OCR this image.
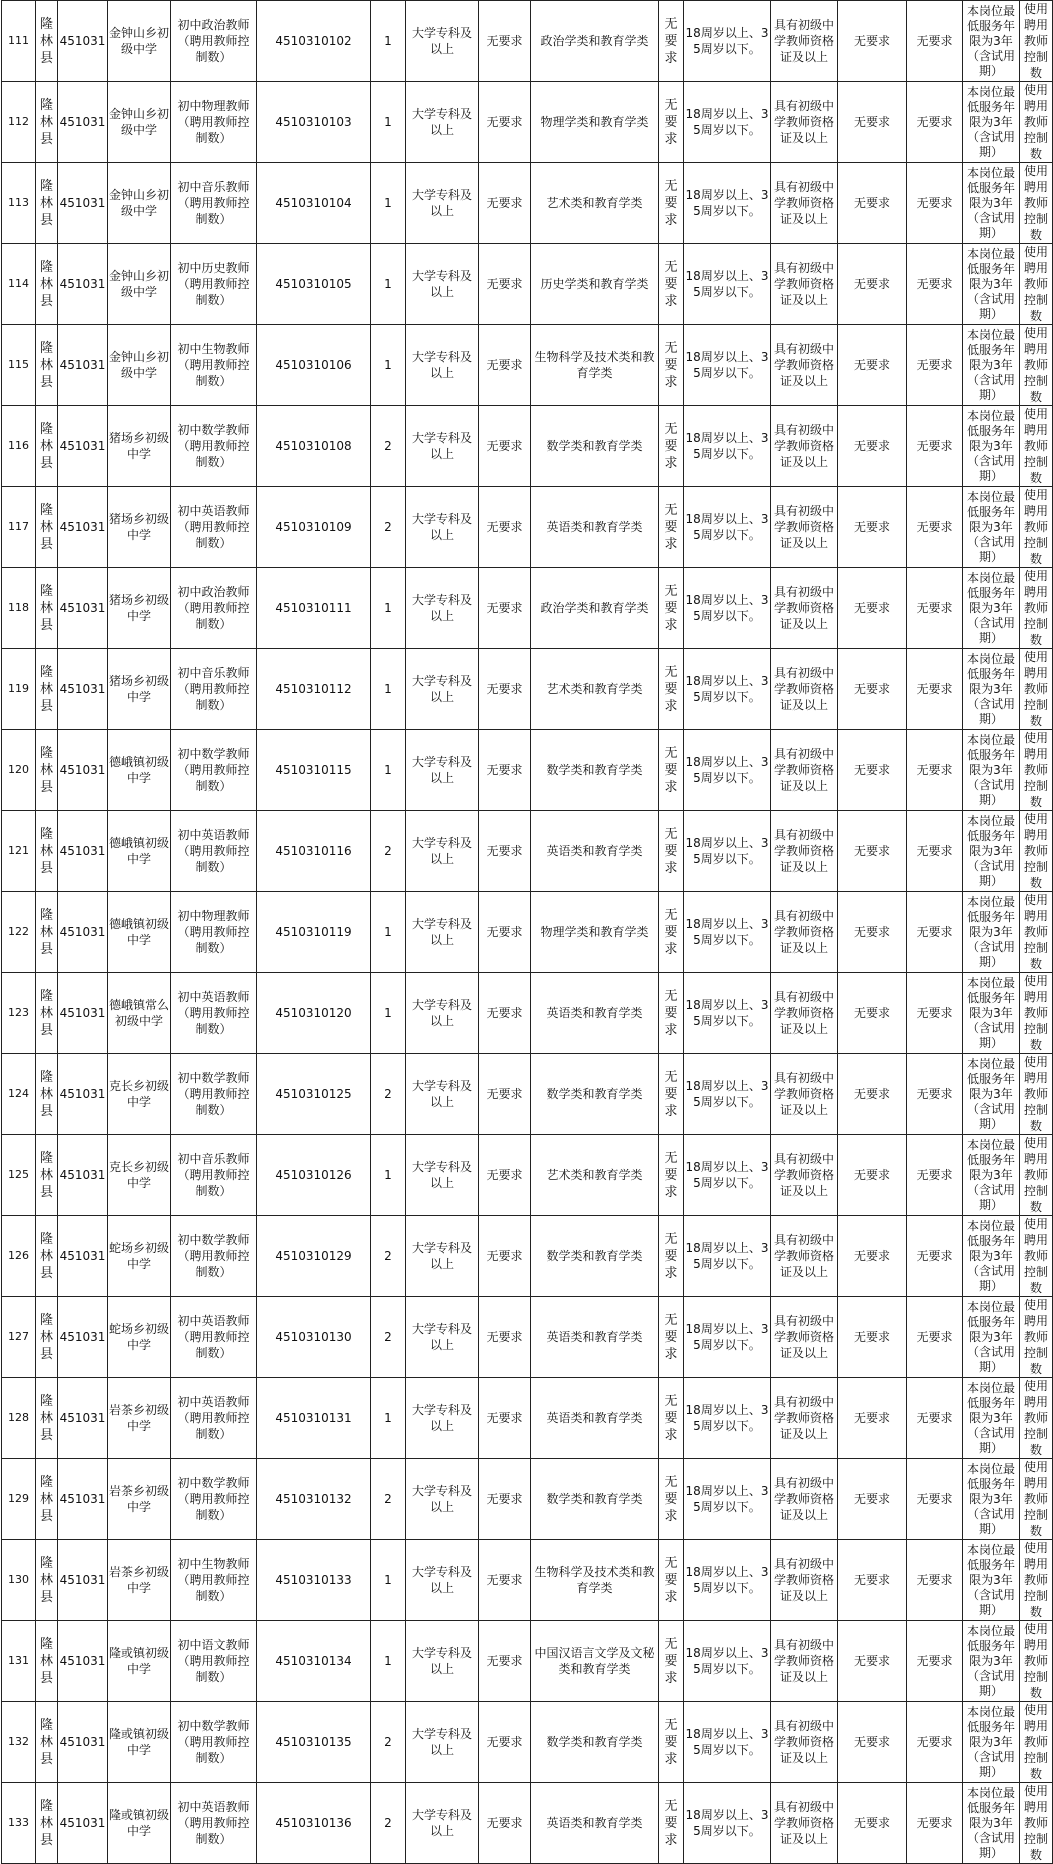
111	隆林县	451031	金钟山乡初级中学	初中政治教师（聘用教师控制数）	4510310102	1	大学专科及以上	无要求	政治学类和教育学类	无要求	18周岁以上、35周岁以下。	具有初级中学教师资格证及以上	无要求	无要求	本岗位最低服务年限为3年（含试用期）	使用聘用教师控制数
112	隆林县	451031	金钟山乡初级中学	初中物理教师（聘用教师控制数）	4510310103	1	大学专科及以上	无要求	物理学类和教育学类	无要求	18周岁以上、35周岁以下。	具有初级中学教师资格证及以上	无要求	无要求	本岗位最低服务年限为3年（含试用期）	使用聘用教师控制数
113	隆林县	451031	金钟山乡初级中学	初中音乐教师（聘用教师控制数）	4510310104	1	大学专科及以上	无要求	艺术类和教育学类	无要求	18周岁以上、35周岁以下。	具有初级中学教师资格证及以上	无要求	无要求	本岗位最低服务年限为3年（含试用期）	使用聘用教师控制数
114	隆林县	451031	金钟山乡初级中学	初中历史教师（聘用教师控制数）	4510310105	1	大学专科及以上	无要求	历史学类和教育学类	无要求	18周岁以上、35周岁以下。	具有初级中学教师资格证及以上	无要求	无要求	本岗位最低服务年限为3年（含试用期）	使用聘用教师控制数
115	隆林县	451031	金钟山乡初级中学	初中生物教师（聘用教师控制数）	4510310106	1	大学专科及以上	无要求	生物科学及技术类和教育学类	无要求	18周岁以上、35周岁以下。	具有初级中学教师资格证及以上	无要求	无要求	本岗位最低服务年限为3年（含试用期）	使用聘用教师控制数
116	隆林县	451031	猪场乡初级中学	初中数学教师（聘用教师控制数）	4510310108	2	大学专科及以上	无要求	数学类和教育学类	无要求	18周岁以上、35周岁以下。	具有初级中学教师资格证及以上	无要求	无要求	本岗位最低服务年限为3年（含试用期）	使用聘用教师控制数
117	隆林县	451031	猪场乡初级中学	初中英语教师（聘用教师控制数）	4510310109	2	大学专科及以上	无要求	英语类和教育学类	无要求	18周岁以上、35周岁以下。	具有初级中学教师资格证及以上	无要求	无要求	本岗位最低服务年限为3年（含试用期）	使用聘用教师控制数
118	隆林县	451031	猪场乡初级中学	初中政治教师（聘用教师控制数）	4510310111	1	大学专科及以上	无要求	政治学类和教育学类	无要求	18周岁以上、35周岁以下。	具有初级中学教师资格证及以上	无要求	无要求	本岗位最低服务年限为3年（含试用期）	使用聘用教师控制数
119	隆林县	451031	猪场乡初级中学	初中音乐教师（聘用教师控制数）	4510310112	1	大学专科及以上	无要求	艺术类和教育学类	无要求	18周岁以上、35周岁以下。	具有初级中学教师资格证及以上	无要求	无要求	本岗位最低服务年限为3年（含试用期）	使用聘用教师控制数
120	隆林县	451031	德峨镇初级中学	初中数学教师（聘用教师控制数）	4510310115	1	大学专科及以上	无要求	数学类和教育学类	无要求	18周岁以上、35周岁以下。	具有初级中学教师资格证及以上	无要求	无要求	本岗位最低服务年限为3年（含试用期）	使用聘用教师控制数
121	隆林县	451031	德峨镇初级中学	初中英语教师（聘用教师控制数）	4510310116	2	大学专科及以上	无要求	英语类和教育学类	无要求	18周岁以上、35周岁以下。	具有初级中学教师资格证及以上	无要求	无要求	本岗位最低服务年限为3年（含试用期）	使用聘用教师控制数
122	隆林县	451031	德峨镇初级中学	初中物理教师（聘用教师控制数）	4510310119	1	大学专科及以上	无要求	物理学类和教育学类	无要求	18周岁以上、35周岁以下。	具有初级中学教师资格证及以上	无要求	无要求	本岗位最低服务年限为3年（含试用期）	使用聘用教师控制数
123	隆林县	451031	德峨镇常么初级中学	初中英语教师（聘用教师控制数）	4510310120	1	大学专科及以上	无要求	英语类和教育学类	无要求	18周岁以上、35周岁以下。	具有初级中学教师资格证及以上	无要求	无要求	本岗位最低服务年限为3年（含试用期）	使用聘用教师控制数
124	隆林县	451031	克长乡初级中学	初中数学教师（聘用教师控制数）	4510310125	2	大学专科及以上	无要求	数学类和教育学类	无要求	18周岁以上、35周岁以下。	具有初级中学教师资格证及以上	无要求	无要求	本岗位最低服务年限为3年（含试用期）	使用聘用教师控制数
125	隆林县	451031	克长乡初级中学	初中音乐教师（聘用教师控制数）	4510310126	1	大学专科及以上	无要求	艺术类和教育学类	无要求	18周岁以上、35周岁以下。	具有初级中学教师资格证及以上	无要求	无要求	本岗位最低服务年限为3年（含试用期）	使用聘用教师控制数
126	隆林县	451031	蛇场乡初级中学	初中数学教师（聘用教师控制数）	4510310129	2	大学专科及以上	无要求	数学类和教育学类	无要求	18周岁以上、35周岁以下。	具有初级中学教师资格证及以上	无要求	无要求	本岗位最低服务年限为3年（含试用期）	使用聘用教师控制数
127	隆林县	451031	蛇场乡初级中学	初中英语教师（聘用教师控制数）	4510310130	2	大学专科及以上	无要求	英语类和教育学类	无要求	18周岁以上、35周岁以下。	具有初级中学教师资格证及以上	无要求	无要求	本岗位最低服务年限为3年（含试用期）	使用聘用教师控制数
128	隆林县	451031	岩茶乡初级中学	初中英语教师（聘用教师控制数）	4510310131	1	大学专科及以上	无要求	英语类和教育学类	无要求	18周岁以上、35周岁以下。	具有初级中学教师资格证及以上	无要求	无要求	本岗位最低服务年限为3年（含试用期）	使用聘用教师控制数
129	隆林县	451031	岩茶乡初级中学	初中数学教师（聘用教师控制数）	4510310132	2	大学专科及以上	无要求	数学类和教育学类	无要求	18周岁以上、35周岁以下。	具有初级中学教师资格证及以上	无要求	无要求	本岗位最低服务年限为3年（含试用期）	使用聘用教师控制数
130	隆林县	451031	岩茶乡初级中学	初中生物教师（聘用教师控制数）	4510310133	1	大学专科及以上	无要求	生物科学及技术类和教育学类	无要求	18周岁以上、35周岁以下。	具有初级中学教师资格证及以上	无要求	无要求	本岗位最低服务年限为3年（含试用期）	使用聘用教师控制数
131	隆林县	451031	隆或镇初级中学	初中语文教师（聘用教师控制数）	4510310134	1	大学专科及以上	无要求	中国汉语言文学及文秘类和教育学类	无要求	18周岁以上、35周岁以下。	具有初级中学教师资格证及以上	无要求	无要求	本岗位最低服务年限为3年（含试用期）	使用聘用教师控制数
132	隆林县	451031	隆或镇初级中学	初中数学教师（聘用教师控制数）	4510310135	2	大学专科及以上	无要求	数学类和教育学类	无要求	18周岁以上、35周岁以下。	具有初级中学教师资格证及以上	无要求	无要求	本岗位最低服务年限为3年（含试用期）	使用聘用教师控制数
133	隆林县	451031	隆或镇初级中学	初中英语教师（聘用教师控制数）	4510310136	2	大学专科及以上	无要求	英语类和教育学类	无要求	18周岁以上、35周岁以下。	具有初级中学教师资格证及以上	无要求	无要求	本岗位最低服务年限为3年（含试用期）	使用聘用教师控制数
